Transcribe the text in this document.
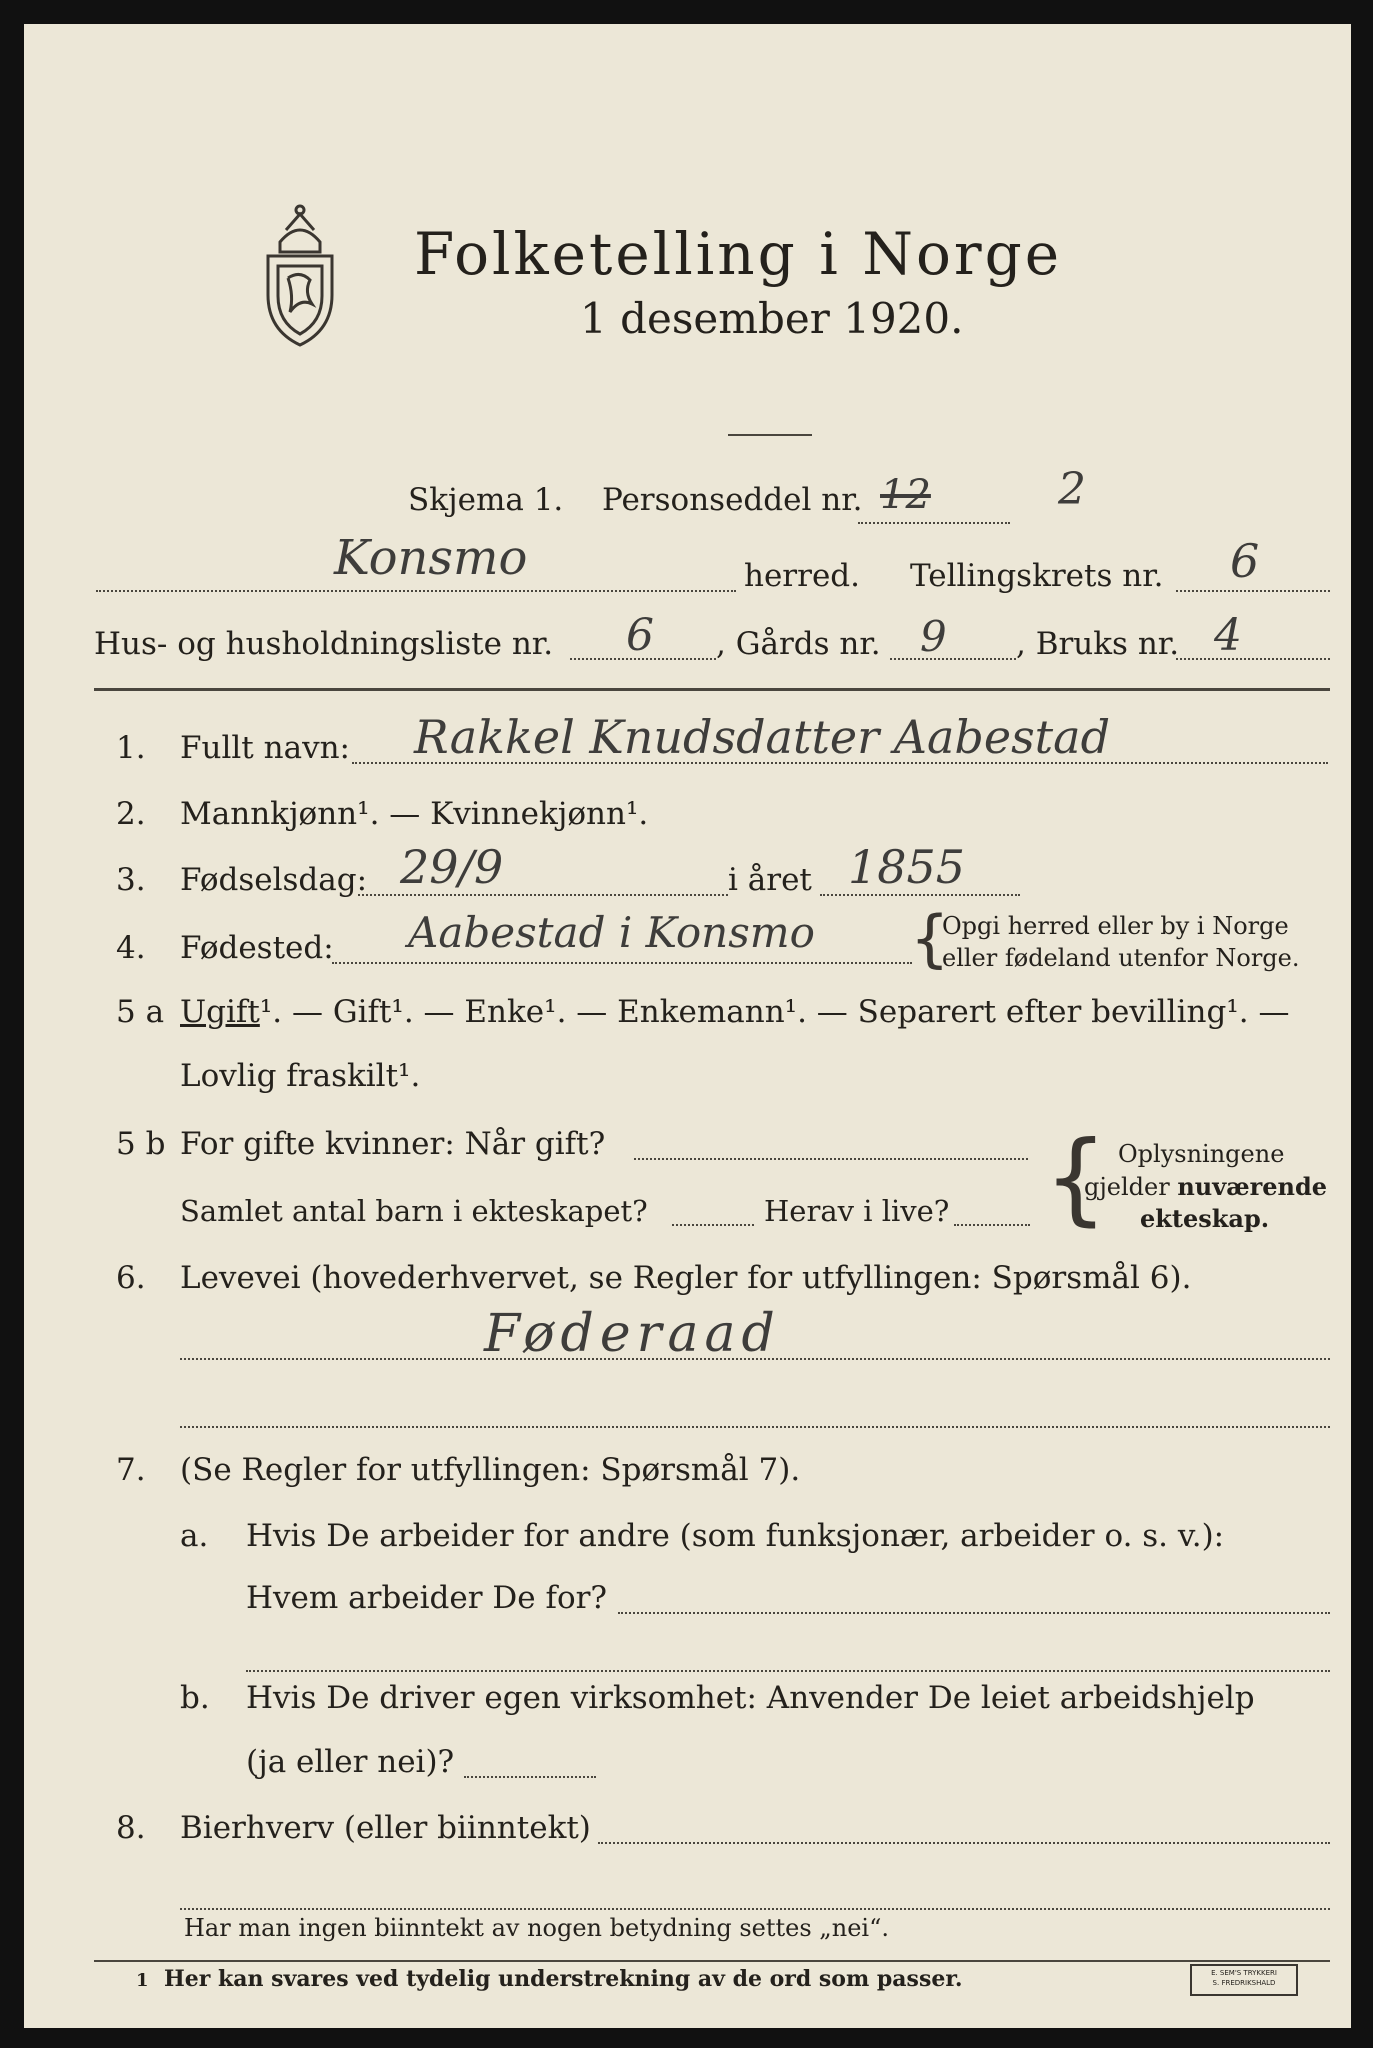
Folketelling i Norge
1 desember 1920.
Skjema 1. Personseddel nr. 12	2
Konsmo	herred. Tellingskrets nr. 6
Hus- og husholdningsliste nr. 6 , Gårds nr. 9 , Bruks nr. 4
1. Fullt navn: Rakkel Knudsdatter Aabestad
2. Mannkjønn¹. — Kvinnekjønn¹.
3. Fødselsdag: 29/9	i året 1855
4. Fødested: Aabestad i Konsmo {
Opgi herred eller by i Norge
eller fødeland utenfor Norge.
5 a Ugift¹. — Gift¹. — Enke¹. — Enkemann¹. — Separert efter bevilling¹. —
Lovlig fraskilt¹.
5 b For gifte kvinner: Når gift?
Samlet antal barn i ekteskapet?	Herav i live? { Oplysningene
gjelder nuværende
ekteskap.
6. Levevei (hovederhvervet, se Regler for utfyllingen: Spørsmål 6).
Føderaad
7. (Se Regler for utfyllingen: Spørsmål 7).
a. Hvis De arbeider for andre (som funksjonær, arbeider o. s. v.):
Hvem arbeider De for?
b. Hvis De driver egen virksomhet: Anvender De leiet arbeidshjelp
(ja eller nei)?
8. Bierhverv (eller biinntekt)
Har man ingen biinntekt av nogen betydning settes „nei“.
1 Her kan svares ved tydelig understrekning av de ord som passer.	E. SEM'S TRYKKERI
S. FREDRIKSHALD
